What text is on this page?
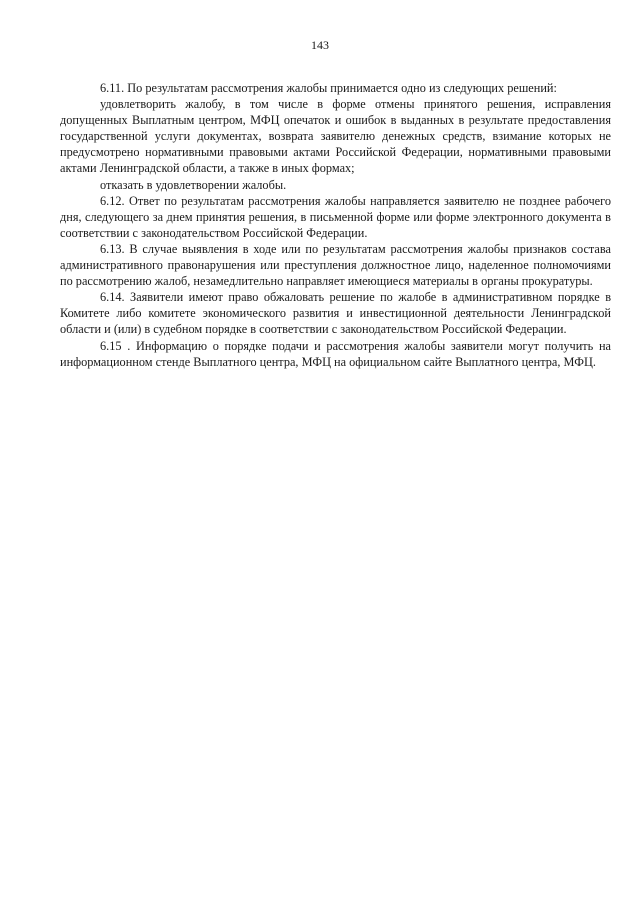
143

6.11. По результатам рассмотрения жалобы принимается одно из следующих решений:

удовлетворить жалобу, в том числе в форме отмены принятого решения, исправления допущенных Выплатным центром, МФЦ опечаток и ошибок в выданных в результате предоставления государственной услуги документах, возврата заявителю денежных средств, взимание которых не предусмотрено нормативными правовыми актами Российской Федерации, нормативными правовыми актами Ленинградской области, а также в иных формах;

отказать в удовлетворении жалобы.

6.12. Ответ по результатам рассмотрения жалобы направляется заявителю не позднее рабочего дня, следующего за днем принятия решения, в письменной форме или форме электронного документа в соответствии с законодательством Российской Федерации.

6.13. В случае выявления в ходе или по результатам рассмотрения жалобы признаков состава административного правонарушения или преступления должностное лицо, наделенное полномочиями по рассмотрению жалоб, незамедлительно направляет имеющиеся материалы в органы прокуратуры.

6.14. Заявители имеют право обжаловать решение по жалобе в административном порядке в Комитете либо комитете экономического развития и инвестиционной деятельности Ленинградской области и (или) в судебном порядке в соответствии с законодательством Российской Федерации.

6.15 . Информацию о порядке подачи и рассмотрения жалобы заявители могут получить на информационном стенде Выплатного центра, МФЦ на официальном сайте Выплатного центра, МФЦ.
